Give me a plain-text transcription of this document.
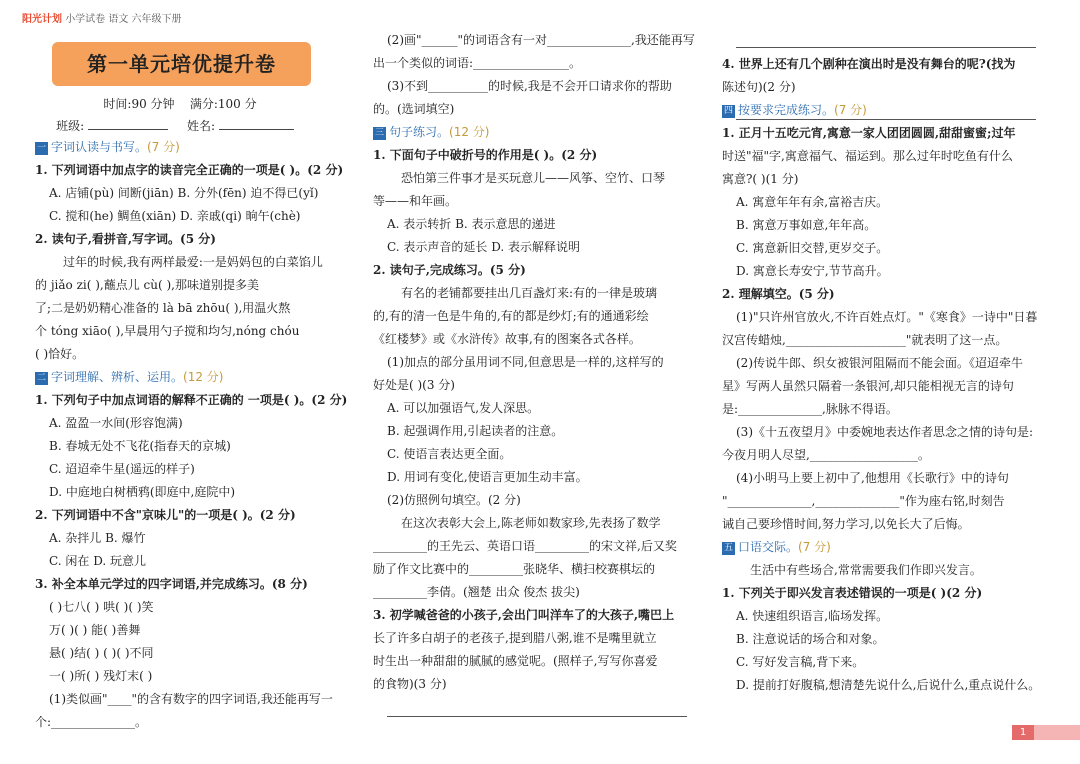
阳光计划 小学试卷 语文 六年级下册
第一单元培优提升卷
时间:90 分钟 满分:100 分
班级:	姓名:

一 字词认读与书写。(7 分)

1. 下列词语中加点字的读音完全正确的一项是( )。(2 分)

A. 店铺(pù) 间断(jiān) B. 分外(fēn) 迫不得已(yǐ)

C. 搅和(he) 鲷鱼(xiān) D. 亲戚(qi) 晌午(chè)

2. 读句子,看拼音,写字词。(5 分)

过年的时候,我有两样最爱:一是妈妈包的白菜馅儿

的 jiǎo zi( ),蘸点儿 cù( ),那味道别提多美

了;二是奶奶精心准备的 là bā zhōu( ),用温火熬

个 tóng xiāo( ),早晨用勺子搅和均匀,nóng chóu

( )恰好。

二 字词理解、辨析、运用。(12 分)

1. 下列句子中加点词语的解释不正确的 一项是( )。(2 分)

A. 盈盈一水间(形容饱满)

B. 春城无处不飞花(指春天的京城)

C. 迢迢牵牛星(遥远的样子)

D. 中庭地白树栖鸦(即庭中,庭院中)

2. 下列词语中不含"京味儿"的一项是( )。(2 分)

A. 杂拌儿 B. 爆竹

C. 闲在 D. 玩意儿

3. 补全本单元学过的四字词语,并完成练习。(8 分)

( )七八( ) 哄( )( )笑

万( )( ) 能( )善舞

悬( )结( ) ( )( )不同

一( )所( ) 残灯末( )

(1)类似画"____"的含有数字的四字词语,我还能再写一

个:______________。

(2)画"______"的词语含有一对______________,我还能再写

出一个类似的词语:________________。

(3)不到__________的时候,我是不会开口请求你的帮助

的。(选词填空)

三 句子练习。(12 分)

1. 下面句子中破折号的作用是( )。(2 分)

恐怕第三件事才是买玩意儿——风筝、空竹、口琴

等——和年画。

A. 表示转折 B. 表示意思的递进

C. 表示声音的延长 D. 表示解释说明

2. 读句子,完成练习。(5 分)

有名的老铺都要挂出几百盏灯来:有的一律是玻璃

的,有的清一色是牛角的,有的都是纱灯;有的通通彩绘

《红楼梦》或《水浒传》故事,有的图案各式各样。

(1)加点的部分虽用词不同,但意思是一样的,这样写的

好处是( )(3 分)

A. 可以加强语气,发人深思。

B. 起强调作用,引起读者的注意。

C. 使语言表达更全面。

D. 用词有变化,使语言更加生动丰富。

(2)仿照例句填空。(2 分)

在这次表彰大会上,陈老师如数家珍,先表扬了数学

_________的王先云、英语口语_________的宋文祥,后又奖

励了作文比赛中的_________张晓华、横扫校赛棋坛的

_________李倩。(翘楚 出众 俊杰 拔尖)

3. 初学喊爸爸的小孩子,会出门叫洋车了的大孩子,嘴巴上

长了许多白胡子的老孩子,提到腊八粥,谁不是嘴里就立

时生出一种甜甜的腻腻的感觉呢。(照样子,写写你喜爱

的食物)(3 分)

4. 世界上还有几个剧种在演出时是没有舞台的呢?(找为

陈述句)(2 分)

四 按要求完成练习。(7 分)

1. 正月十五吃元宵,寓意一家人团团圆圆,甜甜蜜蜜;过年

时送"福"字,寓意福气、福运到。那么过年时吃鱼有什么

寓意?( )(1 分)

A. 寓意年年有余,富裕吉庆。

B. 寓意万事如意,年年高。

C. 寓意新旧交替,更岁交子。

D. 寓意长寿安宁,节节高升。

2. 理解填空。(5 分)

(1)"只许州官放火,不许百姓点灯。"《寒食》一诗中"日暮

汉宫传蜡烛,____________________"就表明了这一点。

(2)传说牛郎、织女被银河阻隔而不能会面。《迢迢牵牛

星》写两人虽然只隔着一条银河,却只能相视无言的诗句

是:______________,脉脉不得语。

(3)《十五夜望月》中委婉地表达作者思念之情的诗句是:

今夜月明人尽望,__________________。

(4)小明马上要上初中了,他想用《长歌行》中的诗句

"______________,______________"作为座右铭,时刻告

诫自己要珍惜时间,努力学习,以免长大了后悔。

五 口语交际。(7 分)

生活中有些场合,常常需要我们作即兴发言。

1. 下列关于即兴发言表述错误的一项是( )(2 分)

A. 快速组织语言,临场发挥。

B. 注意说话的场合和对象。

C. 写好发言稿,背下来。

D. 提前打好腹稿,想清楚先说什么,后说什么,重点说什么。

1
